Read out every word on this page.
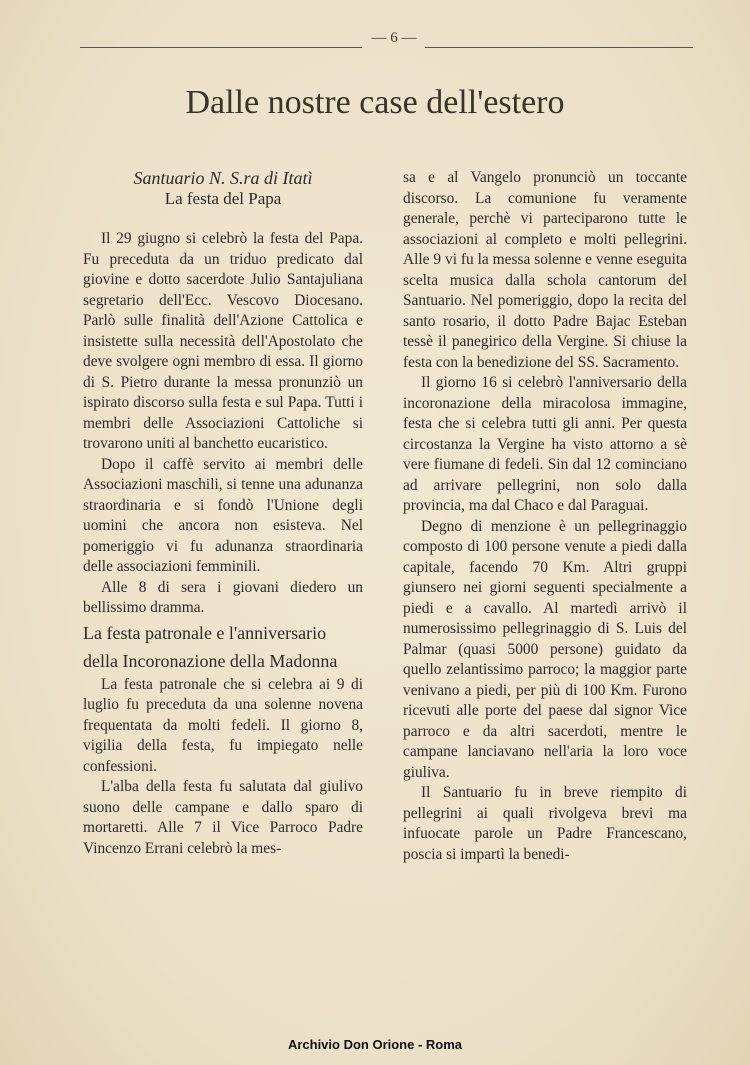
— 6 —
Dalle nostre case dell'estero

Santuario N. S.ra di Itatì

La festa del Papa

Il 29 giugno si celebrò la festa del Papa. Fu preceduta da un triduo predicato dal giovine e dotto sacerdote Julio Santajuliana segretario dell'Ecc. Vescovo Diocesano. Parlò sulle finalità dell'Azione Cattolica e insistette sulla necessità dell'Apostolato che deve svolgere ogni membro di essa. Il giorno di S. Pietro durante la messa pronunziò un ispirato discorso sulla festa e sul Papa. Tutti i membri delle Associazioni Cattoliche si trovarono uniti al banchetto eucaristico.

Dopo il caffè servito ai membri delle Associazioni maschili, si tenne una adunanza straordinaria e si fondò l'Unione degli uomini che ancora non esisteva. Nel pomeriggio vi fu adunanza straordinaria delle associazioni femminili.

Alle 8 di sera i giovani diedero un bellissimo dramma.

La festa patronale e l'anniversario della Incoronazione della Madonna

La festa patronale che si celebra ai 9 di luglio fu preceduta da una solenne novena frequentata da molti fedeli. Il giorno 8, vigilia della festa, fu impiegato nelle confessioni.

L'alba della festa fu salutata dal giulivo suono delle campane e dallo sparo di mortaretti. Alle 7 il Vice Parroco Padre Vincenzo Errani celebrò la mes-

sa e al Vangelo pronunciò un toccante discorso. La comunione fu veramente generale, perchè vi parteciparono tutte le associazioni al completo e molti pellegrini. Alle 9 vi fu la messa solenne e venne eseguita scelta musica dalla schola cantorum del Santuario. Nel pomeriggio, dopo la recita del santo rosario, il dotto Padre Bajac Esteban tessè il panegirico della Vergine. Si chiuse la festa con la benedizione del SS. Sacramento.

Il giorno 16 si celebrò l'anniversario della incoronazione della miracolosa immagine, festa che si celebra tutti gli anni. Per questa circostanza la Vergine ha visto attorno a sè vere fiumane di fedeli. Sin dal 12 cominciano ad arrivare pellegrini, non solo dalla provincia, ma dal Chaco e dal Paraguai.

Degno di menzione è un pellegrinaggio composto di 100 persone venute a piedi dalla capitale, facendo 70 Km. Altri gruppi giunsero nei giorni seguenti specialmente a piedi e a cavallo. Al martedì arrivò il numerosissimo pellegrinaggio di S. Luis del Palmar (quasi 5000 persone) guidato da quello zelantissimo parroco; la maggior parte venivano a piedi, per più di 100 Km. Furono ricevuti alle porte del paese dal signor Vice parroco e da altri sacerdoti, mentre le campane lanciavano nell'aria la loro voce giuliva.

Il Santuario fu in breve riempito di pellegrini ai quali rivolgeva brevi ma infuocate parole un Padre Francescano, poscia si impartì la benedi-

Archivio Don Orione - Roma
